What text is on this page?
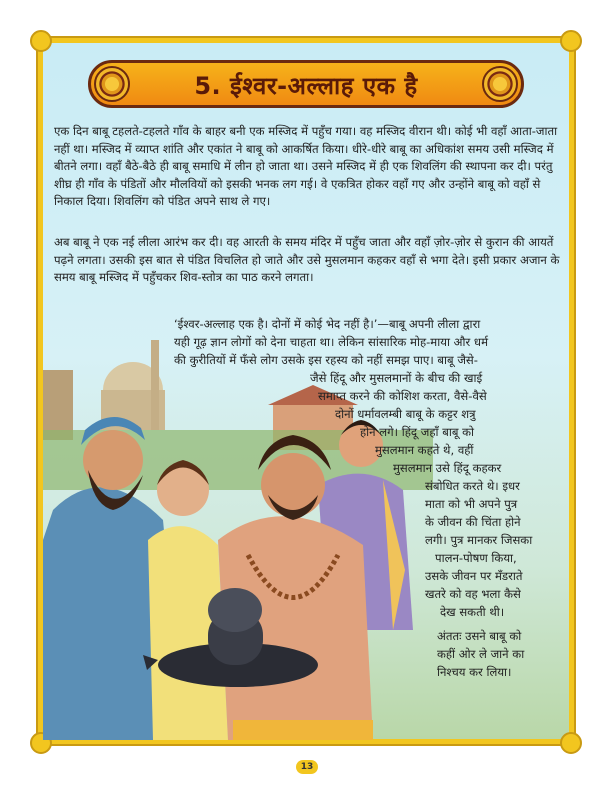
5. ईश्वर-अल्लाह एक है
एक दिन बाबू टहलते-टहलते गाँव के बाहर बनी एक मस्जिद में पहुँच गया। वह मस्जिद वीरान थी। कोई भी वहाँ आता-जाता नहीं था। मस्जिद में व्याप्त शांति और एकांत ने बाबू को आकर्षित किया। धीरे-धीरे बाबू का अधिकांश समय उसी मस्जिद में बीतने लगा। वहाँ बैठे-बैठे ही बाबू समाधि में लीन हो जाता था। उसने मस्जिद में ही एक शिवलिंग की स्थापना कर दी। परंतु शीघ्र ही गाँव के पंडितों और मौलवियों को इसकी भनक लग गई। वे एकत्रित होकर वहाँ गए और उन्होंने बाबू को वहाँ से निकाल दिया। शिवलिंग को पंडित अपने साथ ले गए।
अब बाबू ने एक नई लीला आरंभ कर दी। वह आरती के समय मंदिर में पहुँच जाता और वहाँ ज़ोर-ज़ोर से कुरान की आयतें पढ़ने लगता। उसकी इस बात से पंडित विचलित हो जाते और उसे मुसलमान कहकर वहाँ से भगा देते। इसी प्रकार अजान के समय बाबू मस्जिद में पहुँचकर शिव-स्तोत्र का पाठ करने लगता।
‘ईश्वर-अल्लाह एक है। दोनों में कोई भेद नहीं है।’—बाबू अपनी लीला द्वारा
यही गूढ़ ज्ञान लोगों को देना चाहता था। लेकिन सांसारिक मोह-माया और धर्म
की कुरीतियों में फँसे लोग उसके इस रहस्य को नहीं समझ पाए। बाबू जैसे-
जैसे हिंदू और मुसलमानों के बीच की खाई
समाप्त करने की कोशिश करता, वैसे-वैसे
दोनों धर्मावलम्बी बाबू के कट्टर शत्रु
होने लगे। हिंदू जहाँ बाबू को
मुसलमान कहते थे, वहीं
मुसलमान उसे हिंदू कहकर
संबोधित करते थे। इधर
माता को भी अपने पुत्र
के जीवन की चिंता होने
लगी। पुत्र मानकर जिसका
पालन-पोषण किया,
उसके जीवन पर मँडराते
खतरे को वह भला कैसे
देख सकती थी।
अंततः उसने बाबू को
कहीं ओर ले जाने का
निश्चय कर लिया।
13
